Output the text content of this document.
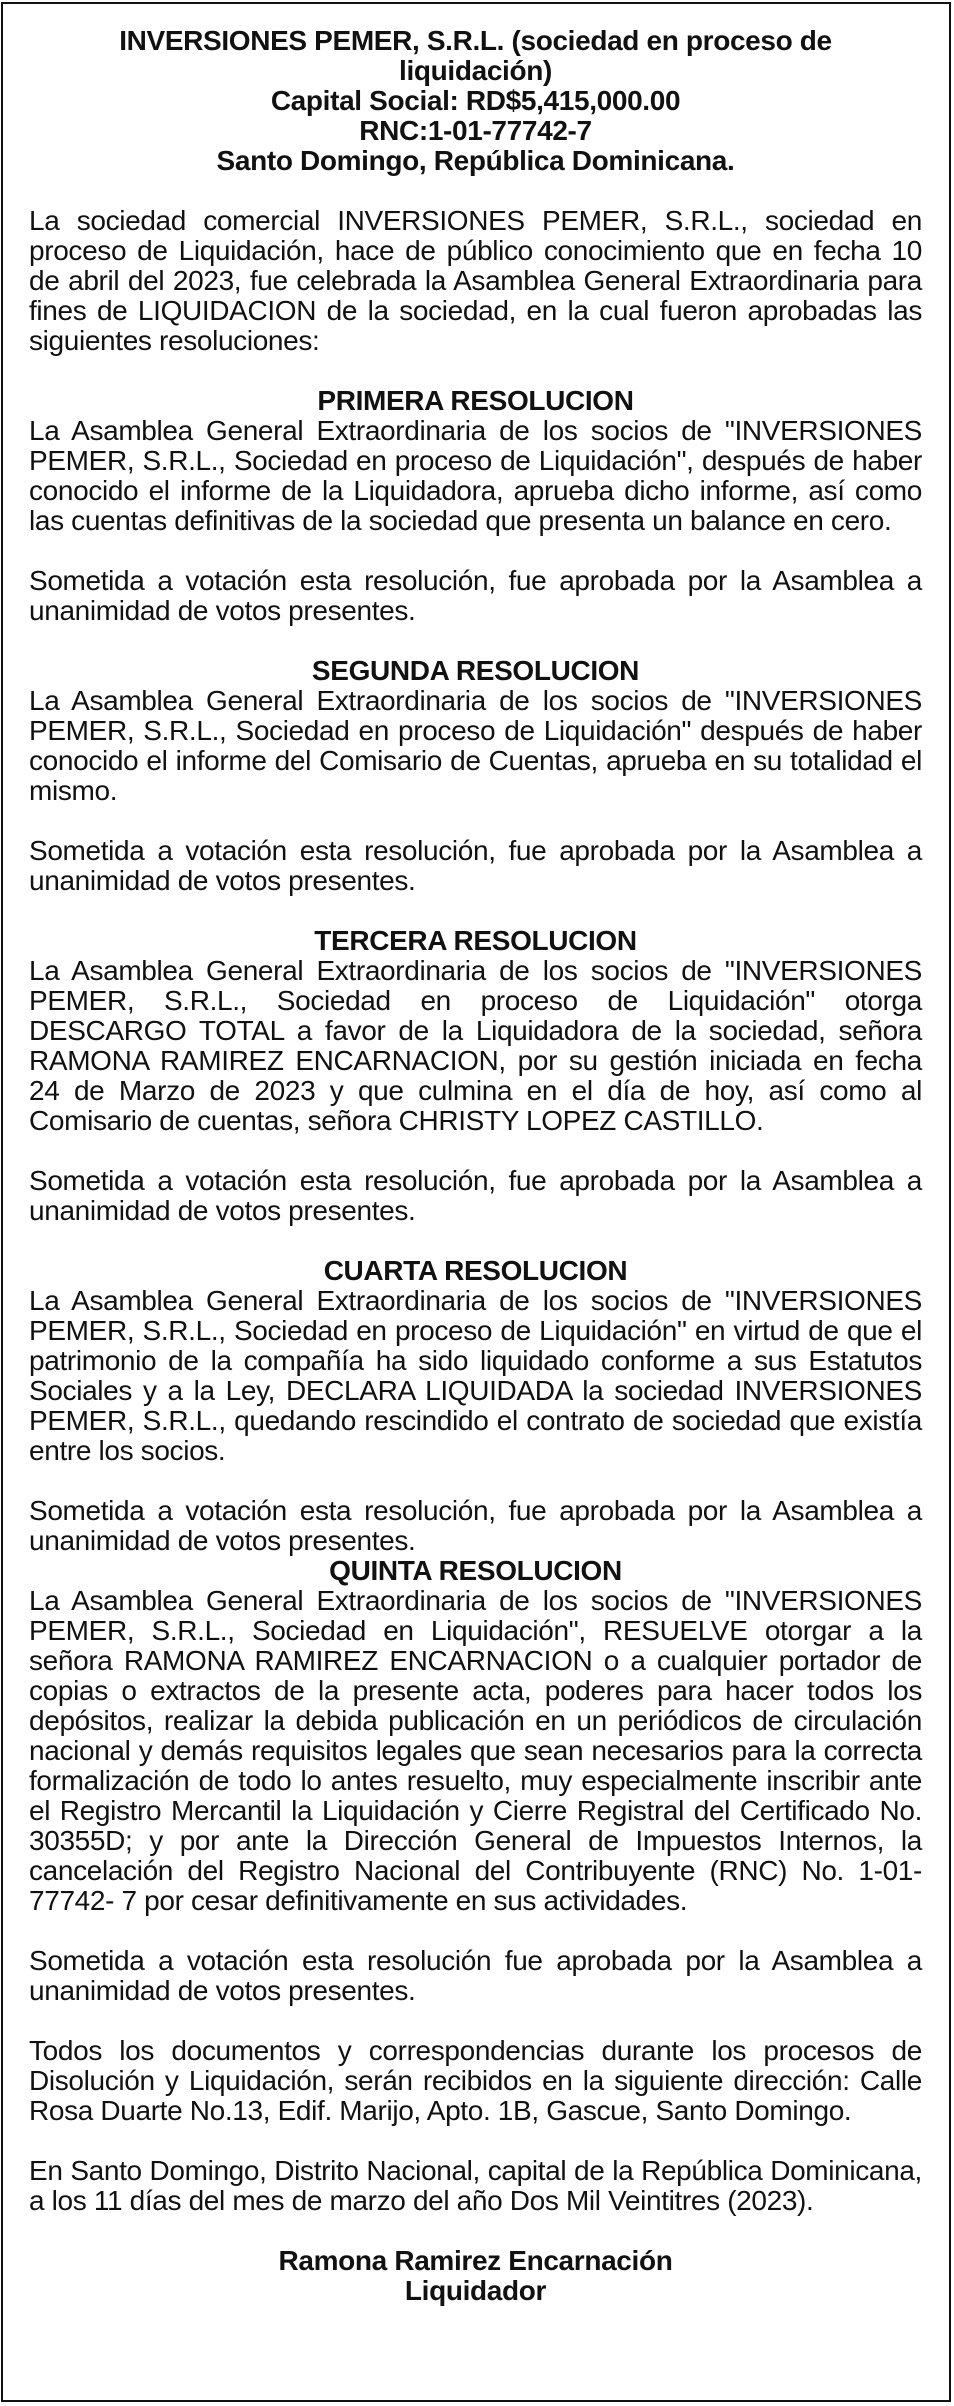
INVERSIONES PEMER, S.R.L. (sociedad en proceso de
liquidación)
Capital Social: RD$5,415,000.00
RNC:1-01-77742-7
Santo Domingo, República Dominicana.

La sociedad comercial INVERSIONES PEMER, S.R.L., sociedad en proceso de Liquidación, hace de público conocimiento que en fecha 10 de abril del 2023, fue celebrada la Asamblea General Extraordinaria para fines de LIQUIDACION de la sociedad, en la cual fueron aprobadas las siguientes resoluciones:

PRIMERA RESOLUCION

La Asamblea General Extraordinaria de los socios de "INVERSIONES PEMER, S.R.L., Sociedad en proceso de Liquidación", después de haber conocido el informe de la Liquidadora, aprueba dicho informe, así como las cuentas definitivas de la sociedad que presenta un balance en cero.

Sometida a votación esta resolución, fue aprobada por la Asamblea a unanimidad de votos presentes.

SEGUNDA RESOLUCION

La Asamblea General Extraordinaria de los socios de "INVERSIONES PEMER, S.R.L., Sociedad en proceso de Liquidación" después de haber conocido el informe del Comisario de Cuentas, aprueba en su totalidad el mismo.

Sometida a votación esta resolución, fue aprobada por la Asamblea a unanimidad de votos presentes.

TERCERA RESOLUCION

La Asamblea General Extraordinaria de los socios de "INVERSIONES PEMER, S.R.L., Sociedad en proceso de Liquidación" otorga DESCARGO TOTAL a favor de la Liquidadora de la sociedad, señora RAMONA RAMIREZ ENCARNACION, por su gestión iniciada en fecha 24 de Marzo de 2023 y que culmina en el día de hoy, así como al Comisario de cuentas, señora CHRISTY LOPEZ CASTILLO.

Sometida a votación esta resolución, fue aprobada por la Asamblea a unanimidad de votos presentes.

CUARTA RESOLUCION

La Asamblea General Extraordinaria de los socios de "INVERSIONES PEMER, S.R.L., Sociedad en proceso de Liquidación" en virtud de que el patrimonio de la compañía ha sido liquidado conforme a sus Estatutos Sociales y a la Ley, DECLARA LIQUIDADA la sociedad INVERSIONES PEMER, S.R.L., quedando rescindido el contrato de sociedad que existía entre los socios.

Sometida a votación esta resolución, fue aprobada por la Asamblea a unanimidad de votos presentes.

QUINTA RESOLUCION

La Asamblea General Extraordinaria de los socios de "INVERSIONES PEMER, S.R.L., Sociedad en Liquidación", RESUELVE otorgar a la señora RAMONA RAMIREZ ENCARNACION o a cualquier portador de copias o extractos de la presente acta, poderes para hacer todos los depósitos, realizar la debida publicación en un periódicos de circulación nacional y demás requisitos legales que sean necesarios para la correcta formalización de todo lo antes resuelto, muy especialmente inscribir ante el Registro Mercantil la Liquidación y Cierre Registral del Certificado No. 30355D; y por ante la Dirección General de Impuestos Internos, la cancelación del Registro Nacional del Contribuyente (RNC) No. 1-01-77742- 7 por cesar definitivamente en sus actividades.

Sometida a votación esta resolución fue aprobada por la Asamblea a unanimidad de votos presentes.

Todos los documentos y correspondencias durante los procesos de Disolución y Liquidación, serán recibidos en la siguiente dirección: Calle Rosa Duarte No.13, Edif. Marijo, Apto. 1B, Gascue, Santo Domingo.

En Santo Domingo, Distrito Nacional, capital de la República Dominicana, a los 11 días del mes de marzo del año Dos Mil Veintitres (2023).

Ramona Ramirez Encarnación
Liquidador
